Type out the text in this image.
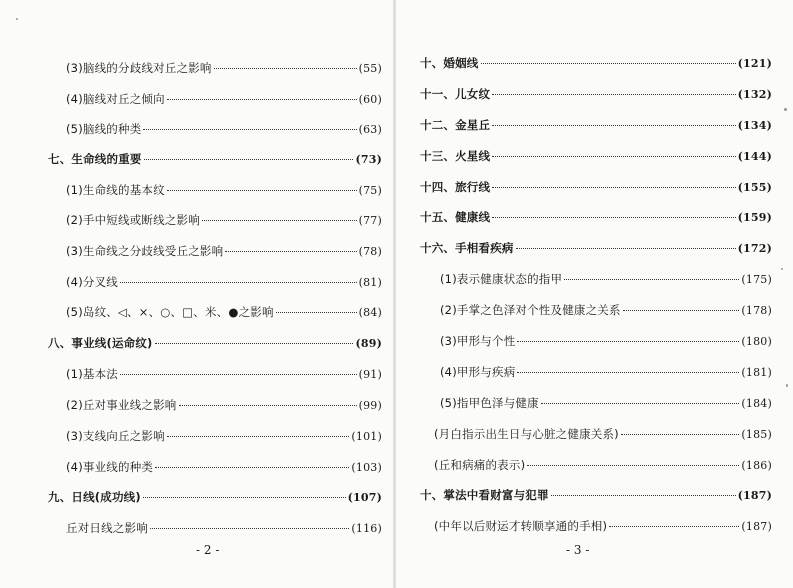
(3)脑线的分歧线对丘之影响	(55)
(4)脑线对丘之倾向	(60)
(5)脑线的种类	(63)
七、生命线的重要	(73)
(1)生命线的基本纹	(75)
(2)手中短线或断线之影响	(77)
(3)生命线之分歧线受丘之影响	(78)
(4)分叉线	(81)
(5)岛纹、◁、×、○、□、米、●之影响	(84)
八、事业线(运命纹)	(89)
(1)基本法	(91)
(2)丘对事业线之影响	(99)
(3)支线向丘之影响	(101)
(4)事业线的种类	(103)
九、日线(成功线)	(107)
丘对日线之影响	(116)
- 2 -
十、婚姻线	(121)
十一、儿女纹	(132)
十二、金星丘	(134)
十三、火星线	(144)
十四、旅行线	(155)
十五、健康线	(159)
十六、手相看疾病	(172)
(1)表示健康状态的指甲	(175)
(2)手掌之色泽对个性及健康之关系	(178)
(3)甲形与个性	(180)
(4)甲形与疾病	(181)
(5)指甲色泽与健康	(184)
(月白指示出生日与心脏之健康关系)	(185)
(丘和病痛的表示)	(186)
十、掌法中看财富与犯罪	(187)
(中年以后财运才转顺享通的手相)	(187)
- 3 -
